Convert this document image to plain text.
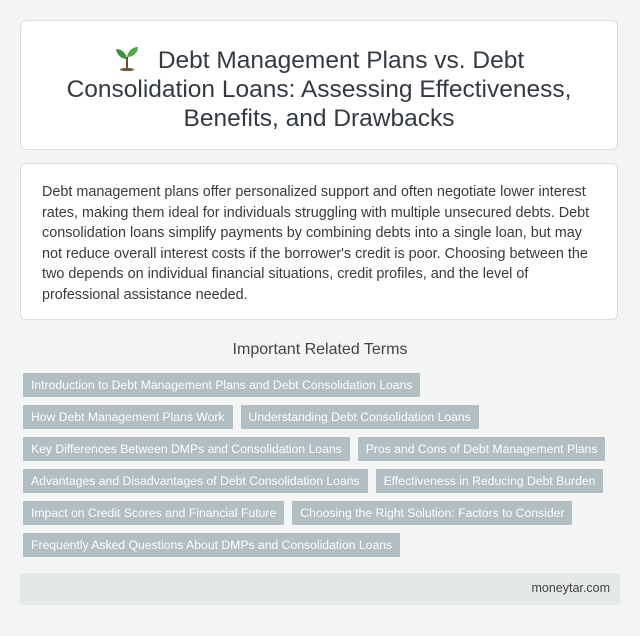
Debt Management Plans vs. Debt Consolidation Loans: Assessing Effectiveness, Benefits, and Drawbacks

Debt management plans offer personalized support and often negotiate lower interest rates, making them ideal for individuals struggling with multiple unsecured debts. Debt consolidation loans simplify payments by combining debts into a single loan, but may not reduce overall interest costs if the borrower's credit is poor. Choosing between the two depends on individual financial situations, credit profiles, and the level of professional assistance needed.

Important Related Terms
Introduction to Debt Management Plans and Debt Consolidation Loans
How Debt Management Plans Work	Understanding Debt Consolidation Loans
Key Differences Between DMPs and Consolidation Loans	Pros and Cons of Debt Management Plans
Advantages and Disadvantages of Debt Consolidation Loans	Effectiveness in Reducing Debt Burden
Impact on Credit Scores and Financial Future	Choosing the Right Solution: Factors to Consider
Frequently Asked Questions About DMPs and Consolidation Loans
moneytar.com
